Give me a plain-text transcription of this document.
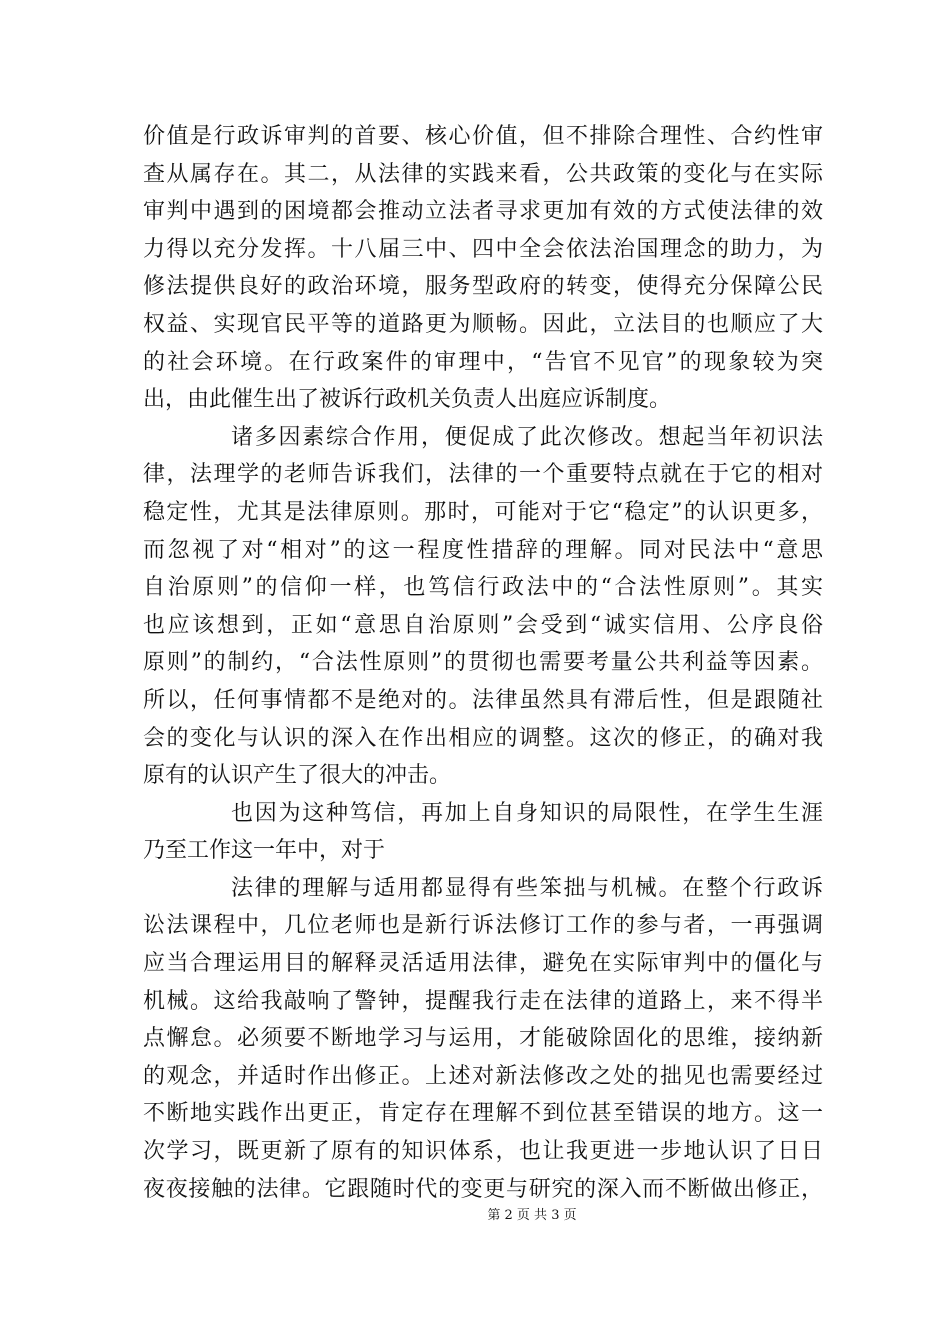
价值是行政诉审判的首要、核心价值，但不排除合理性、合约性审
查从属存在。其二，从法律的实践来看，公共政策的变化与在实际
审判中遇到的困境都会推动立法者寻求更加有效的方式使法律的效
力得以充分发挥。十八届三中、四中全会依法治国理念的助力，为
修法提供良好的政治环境，服务型政府的转变，使得充分保障公民
权益、实现官民平等的道路更为顺畅。因此，立法目的也顺应了大
的社会环境。在行政案件的审理中，“告官不见官”的现象较为突
出，由此催生出了被诉行政机关负责人出庭应诉制度。
诸多因素综合作用，便促成了此次修改。想起当年初识法
律，法理学的老师告诉我们，法律的一个重要特点就在于它的相对
稳定性，尤其是法律原则。那时，可能对于它“稳定”的认识更多，
而忽视了对“相对”的这一程度性措辞的理解。同对民法中“意思
自治原则”的信仰一样，也笃信行政法中的“合法性原则”。其实
也应该想到，正如“意思自治原则”会受到“诚实信用、公序良俗
原则”的制约，“合法性原则”的贯彻也需要考量公共利益等因素。
所以，任何事情都不是绝对的。法律虽然具有滞后性，但是跟随社
会的变化与认识的深入在作出相应的调整。这次的修正，的确对我
原有的认识产生了很大的冲击。
也因为这种笃信，再加上自身知识的局限性，在学生生涯
乃至工作这一年中，对于
法律的理解与适用都显得有些笨拙与机械。在整个行政诉
讼法课程中，几位老师也是新行诉法修订工作的参与者，一再强调
应当合理运用目的解释灵活适用法律，避免在实际审判中的僵化与
机械。这给我敲响了警钟，提醒我行走在法律的道路上，来不得半
点懈怠。必须要不断地学习与运用，才能破除固化的思维，接纳新
的观念，并适时作出修正。上述对新法修改之处的拙见也需要经过
不断地实践作出更正，肯定存在理解不到位甚至错误的地方。这一
次学习，既更新了原有的知识体系，也让我更进一步地认识了日日
夜夜接触的法律。它跟随时代的变更与研究的深入而不断做出修正，
第 2 页 共 3 页
